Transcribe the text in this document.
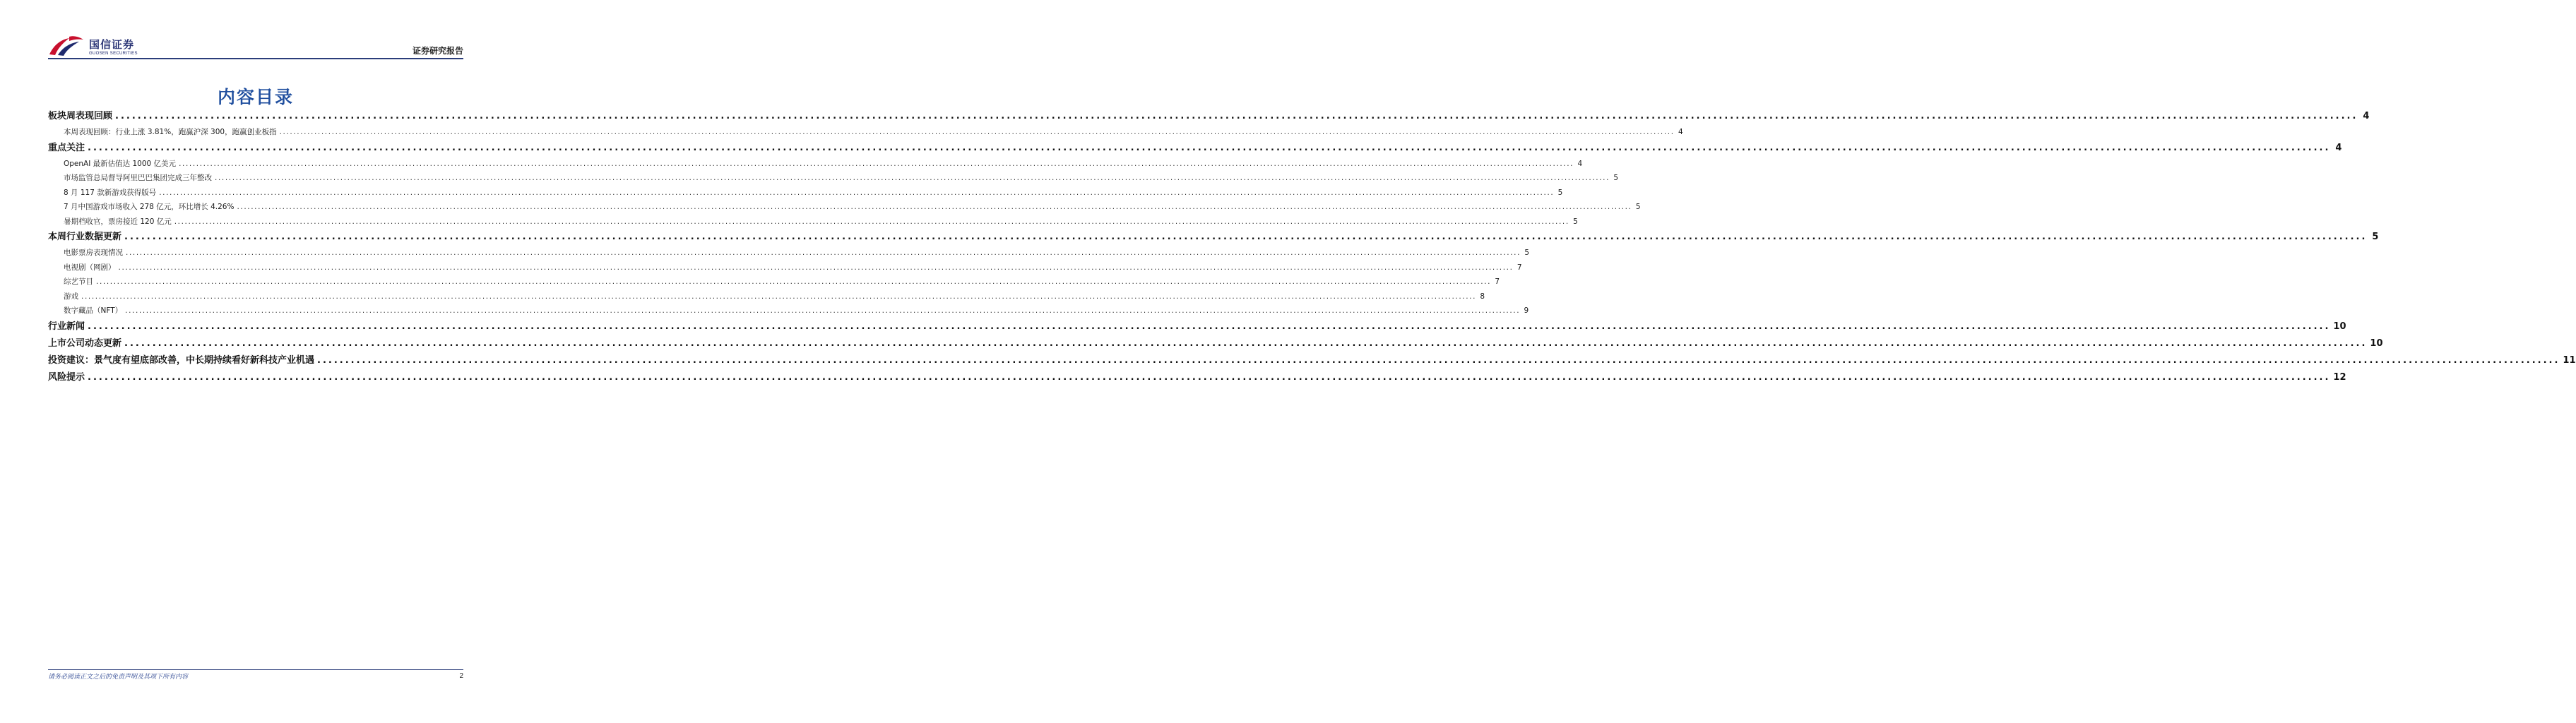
国信证券
GUOSEN SECURITIES	证券研究报告
内容目录
板块周表现回顾 ................................................................................................................................................................................................................................................................................................................................................................................................................ 4
本周表现回顾：行业上涨 3.81%，跑赢沪深 300，跑赢创业板指 ................................................................................................................................................................................................................................................................................................................................................................................................................ 4
重点关注 ................................................................................................................................................................................................................................................................................................................................................................................................................ 4
OpenAI 最新估值达 1000 亿美元 ................................................................................................................................................................................................................................................................................................................................................................................................................ 4
市场监管总局督导阿里巴巴集团完成三年整改 ................................................................................................................................................................................................................................................................................................................................................................................................................ 5
8 月 117 款新游戏获得版号 ................................................................................................................................................................................................................................................................................................................................................................................................................ 5
7 月中国游戏市场收入 278 亿元，环比增长 4.26% ................................................................................................................................................................................................................................................................................................................................................................................................................ 5
暑期档收官，票房接近 120 亿元 ................................................................................................................................................................................................................................................................................................................................................................................................................ 5
本周行业数据更新 ................................................................................................................................................................................................................................................................................................................................................................................................................ 5
电影票房表现情况 ................................................................................................................................................................................................................................................................................................................................................................................................................ 5
电视剧（网剧） ................................................................................................................................................................................................................................................................................................................................................................................................................ 7
综艺节目 ................................................................................................................................................................................................................................................................................................................................................................................................................ 7
游戏 ................................................................................................................................................................................................................................................................................................................................................................................................................ 8
数字藏品（NFT） ................................................................................................................................................................................................................................................................................................................................................................................................................ 9
行业新闻 ................................................................................................................................................................................................................................................................................................................................................................................................................ 10
上市公司动态更新 ................................................................................................................................................................................................................................................................................................................................................................................................................ 10
投资建议：景气度有望底部改善，中长期持续看好新科技产业机遇 ................................................................................................................................................................................................................................................................................................................................................................................................................ 11
风险提示 ................................................................................................................................................................................................................................................................................................................................................................................................................ 12
请务必阅读正文之后的免责声明及其项下所有内容	2
